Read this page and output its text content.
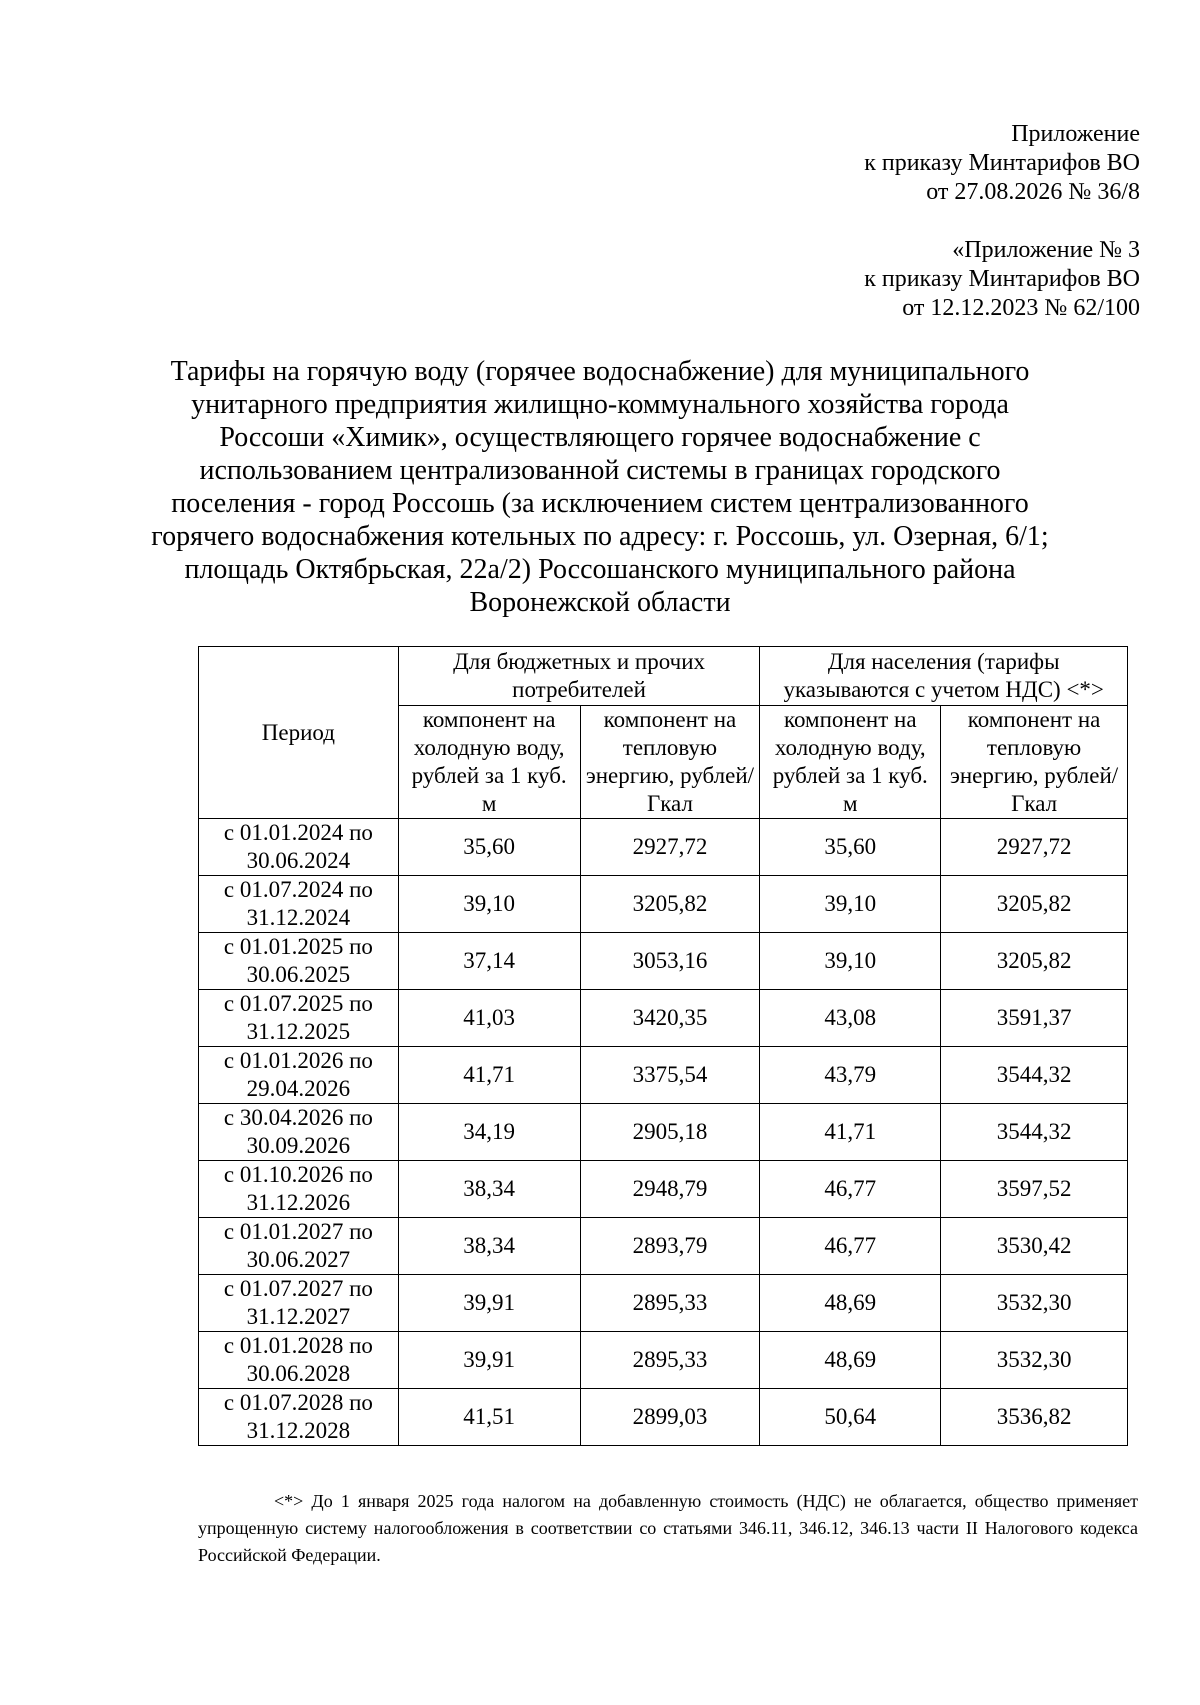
Приложение
к приказу Минтарифов ВО
от 27.08.2026 № 36/8
«Приложение № 3
к приказу Минтарифов ВО
от 12.12.2023 № 62/100
Тарифы на горячую воду (горячее водоснабжение) для муниципального
унитарного предприятия жилищно-коммунального хозяйства города
Россоши «Химик», осуществляющего горячее водоснабжение с
использованием централизованной системы в границах городского
поселения - город Россошь (за исключением систем централизованного
горячего водоснабжения котельных по адресу: г. Россошь, ул. Озерная, 6/1;
площадь Октябрьская, 22а/2) Россошанского муниципального района
Воронежской области
Период	Для бюджетных и прочих потребителей		Для населения (тарифы указываются с учетом НДС) <*>	
	компонент на холодную воду, рублей за 1 куб. м	компонент на тепловую энергию, рублей/Гкал	компонент на холодную воду, рублей за 1 куб. м	компонент на тепловую энергию, рублей/Гкал

с 01.01.2024 по
30.06.2024	35,60	2927,72	35,60	2927,72

с 01.07.2024 по
31.12.2024	39,10	3205,82	39,10	3205,82

с 01.01.2025 по
30.06.2025	37,14	3053,16	39,10	3205,82

с 01.07.2025 по
31.12.2025	41,03	3420,35	43,08	3591,37

с 01.01.2026 по
29.04.2026	41,71	3375,54	43,79	3544,32

с 30.04.2026 по
30.09.2026	34,19	2905,18	41,71	3544,32

с 01.10.2026 по
31.12.2026	38,34	2948,79	46,77	3597,52

с 01.01.2027 по
30.06.2027	38,34	2893,79	46,77	3530,42

с 01.07.2027 по
31.12.2027	39,91	2895,33	48,69	3532,30

с 01.01.2028 по
30.06.2028	39,91	2895,33	48,69	3532,30

с 01.07.2028 по
31.12.2028	41,51	2899,03	50,64	3536,82
<*> До 1 января 2025 года налогом на добавленную стоимость (НДС) не облагается, общество применяет упрощенную систему налогообложения в соответствии со статьями 346.11, 346.12, 346.13 части II Налогового кодекса Российской Федерации.
